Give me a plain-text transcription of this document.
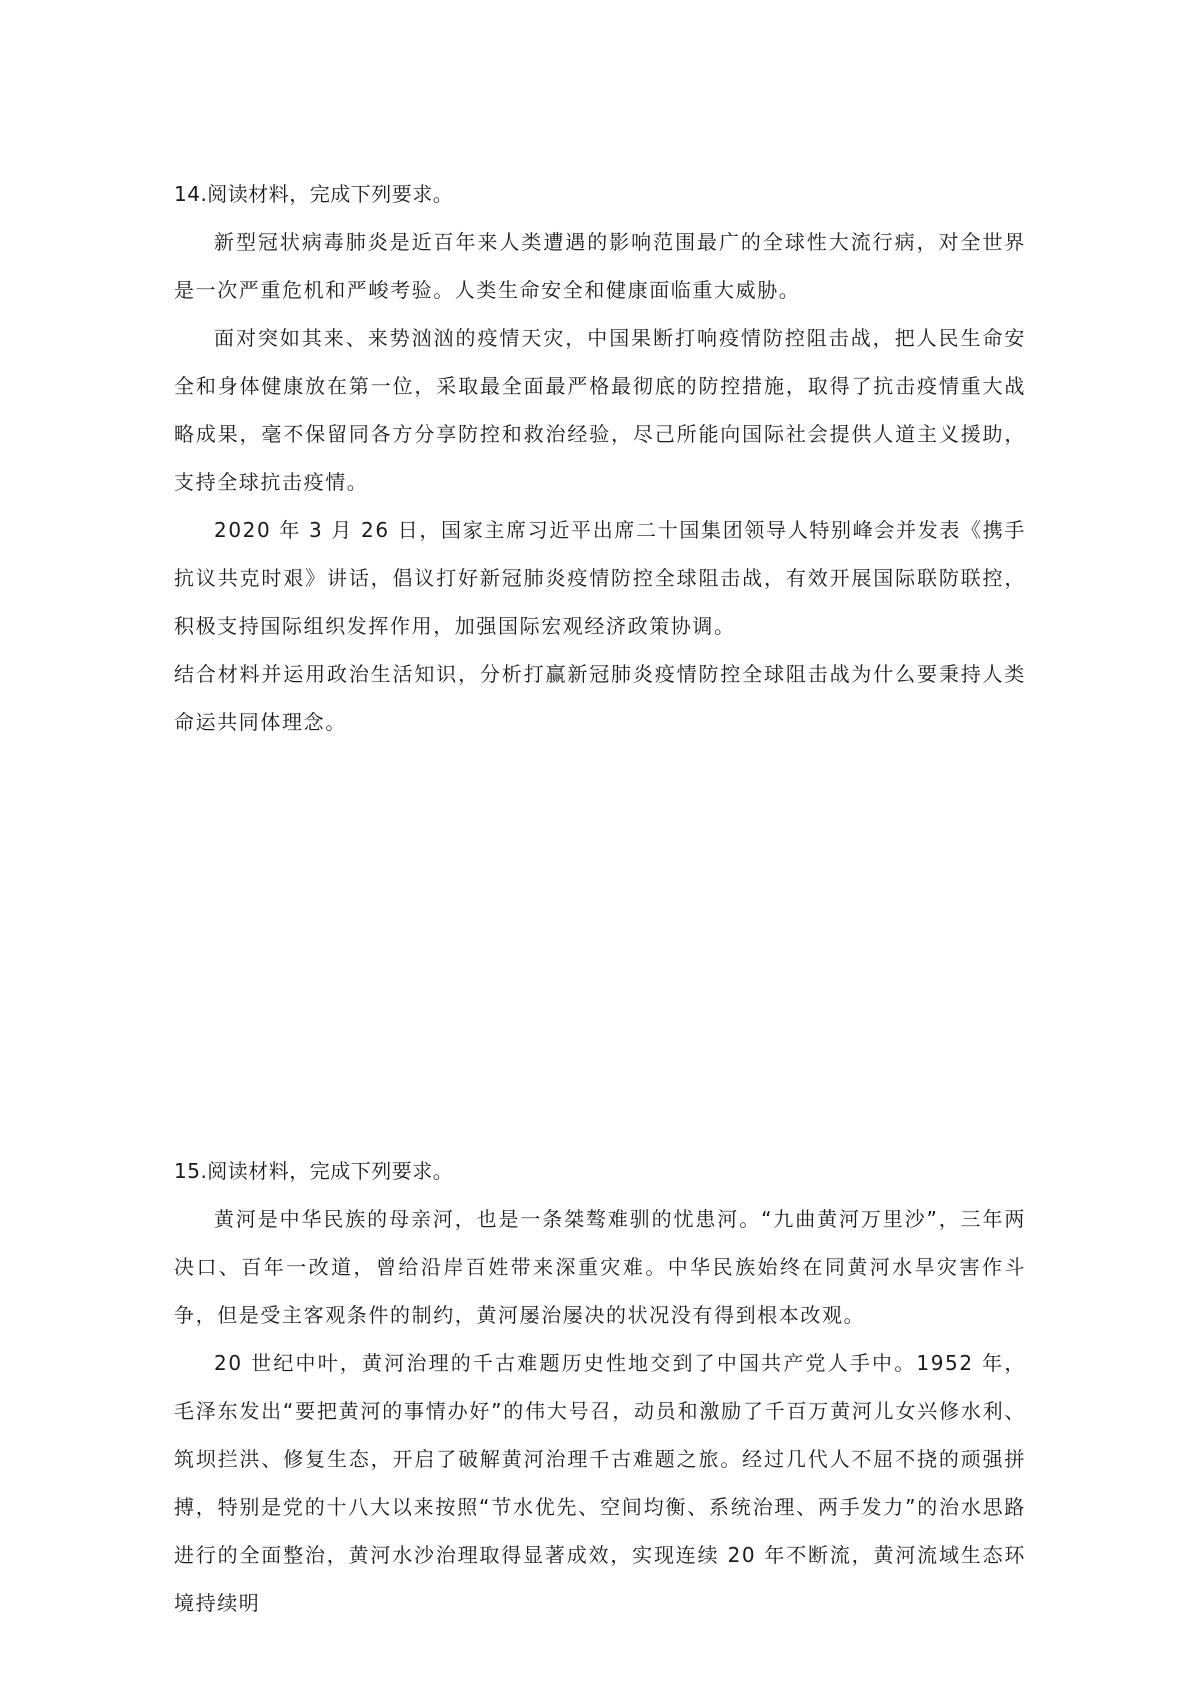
14.阅读材料，完成下列要求。

新型冠状病毒肺炎是近百年来人类遭遇的影响范围最广的全球性大流行病，对全世界是一次严重危机和严峻考验。人类生命安全和健康面临重大威胁。

面对突如其来、来势汹汹的疫情天灾，中国果断打响疫情防控阻击战，把人民生命安全和身体健康放在第一位，采取最全面最严格最彻底的防控措施，取得了抗击疫情重大战略成果，毫不保留同各方分享防控和救治经验，尽己所能向国际社会提供人道主义援助，支持全球抗击疫情。

2020 年 3 月 26 日，国家主席习近平出席二十国集团领导人特别峰会并发表《携手抗议共克时艰》讲话，倡议打好新冠肺炎疫情防控全球阻击战，有效开展国际联防联控，积极支持国际组织发挥作用，加强国际宏观经济政策协调。

结合材料并运用政治生活知识，分析打赢新冠肺炎疫情防控全球阻击战为什么要秉持人类命运共同体理念。

15.阅读材料，完成下列要求。

黄河是中华民族的母亲河，也是一条桀骜难驯的忧患河。“九曲黄河万里沙”，三年两决口、百年一改道，曾给沿岸百姓带来深重灾难。中华民族始终在同黄河水旱灾害作斗争，但是受主客观条件的制约，黄河屡治屡决的状况没有得到根本改观。

20 世纪中叶，黄河治理的千古难题历史性地交到了中国共产党人手中。1952 年，毛泽东发出“要把黄河的事情办好”的伟大号召，动员和激励了千百万黄河儿女兴修水利、筑坝拦洪、修复生态，开启了破解黄河治理千古难题之旅。经过几代人不屈不挠的顽强拼搏，特别是党的十八大以来按照“节水优先、空间均衡、系统治理、两手发力”的治水思路进行的全面整治，黄河水沙治理取得显著成效，实现连续 20 年不断流，黄河流域生态环境持续明
